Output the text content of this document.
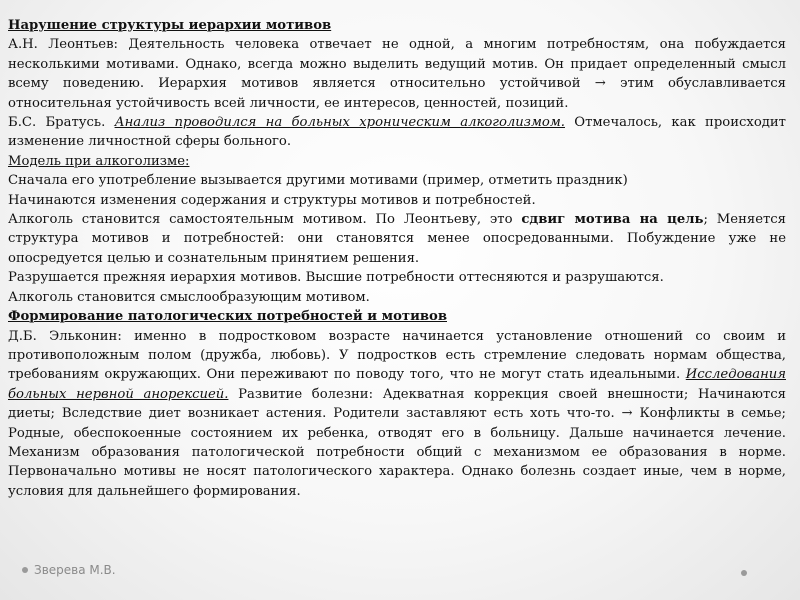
Нарушение структуры иерархии мотивов

А.Н. Леонтьев: Деятельность человека отвечает не одной, а многим потребностям, она побуждается несколькими мотивами. Однако, всегда можно выделить ведущий мотив. Он придает определенный смысл всему поведению. Иерархия мотивов является относительно устойчивой → этим обуславливается относительная устойчивость всей личности, ее интересов, ценностей, позиций.

Б.С. Братусь. Анализ проводился на больных хроническим алкоголизмом. Отмечалось, как происходит изменение личностной сферы больного.

Модель при алкоголизме:

Сначала его употребление вызывается другими мотивами (пример, отметить праздник)

Начинаются изменения содержания и структуры мотивов и потребностей.

Алкоголь становится самостоятельным мотивом. По Леонтьеву, это сдвиг мотива на цель; Меняется структура мотивов и потребностей: они становятся менее опосредованными. Побуждение уже не опосредуется целью и сознательным принятием решения.

Разрушается прежняя иерархия мотивов. Высшие потребности оттесняются и разрушаются.

Алкоголь становится смыслообразующим мотивом.

Формирование патологических потребностей и мотивов

Д.Б. Эльконин: именно в подростковом возрасте начинается установление отношений со своим и противоположным полом (дружба, любовь). У подростков есть стремление следовать нормам общества, требованиям окружающих. Они переживают по поводу того, что не могут стать идеальными. Исследования больных нервной анорексией. Развитие болезни: Адекватная коррекция своей внешности; Начинаются диеты; Вследствие диет возникает астения. Родители заставляют есть хоть что-то. → Конфликты в семье; Родные, обеспокоенные состоянием их ребенка, отводят его в больницу. Дальше начинается лечение. Механизм образования патологической потребности общий с механизмом ее образования в норме. Первоначально мотивы не носят патологического характера. Однако болезнь создает иные, чем в норме, условия для дальнейшего формирования.

Зверева М.В.
